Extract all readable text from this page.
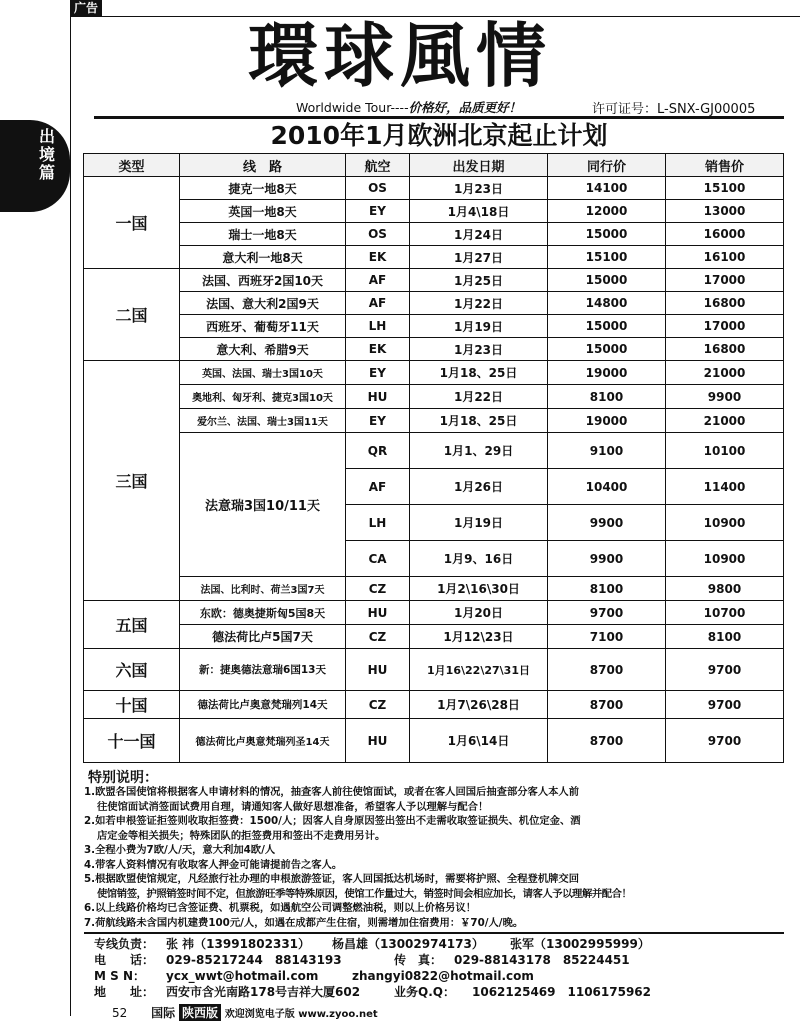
广告
出境篇
環球風情
Worldwide Tour----价格好，品质更好！	许可证号：L-SNX-GJ00005
2010年1月欧洲北京起止计划
类型	线　路	航空	出发日期	同行价	销售价
一国	捷克一地8天	OS	1月23日	14100	15100
	英国一地8天	EY	1月4\18日	12000	13000
	瑞士一地8天	OS	1月24日	15000	16000
	意大利一地8天	EK	1月27日	15100	16100
二国	法国、西班牙2国10天	AF	1月25日	15000	17000
	法国、意大利2国9天	AF	1月22日	14800	16800
	西班牙、葡萄牙11天	LH	1月19日	15000	17000
	意大利、希腊9天	EK	1月23日	15000	16800
三国	英国、法国、瑞士3国10天	EY	1月18、25日	19000	21000
	奥地利、匈牙利、捷克3国10天	HU	1月22日	8100	9900
	爱尔兰、法国、瑞士3国11天	EY	1月18、25日	19000	21000
	法意瑞3国10/11天	QR	1月1、29日	9100	10100
		AF	1月26日	10400	11400
		LH	1月19日	9900	10900
		CA	1月9、16日	9900	10900
	法国、比利时、荷兰3国7天	CZ	1月2\16\30日	8100	9800
五国	东欧：德奥捷斯匈5国8天	HU	1月20日	9700	10700
	德法荷比卢5国7天	CZ	1月12\23日	7100	8100
六国	新：捷奥德法意瑞6国13天	HU	1月16\22\27\31日	8700	9700
十国	德法荷比卢奥意梵瑞列14天	CZ	1月7\26\28日	8700	9700
十一国	德法荷比卢奥意梵瑞列圣14天	HU	1月6\14日	8700	9700
特别说明：
1.欧盟各国使馆将根据客人申请材料的情况，抽查客人前往使馆面试，或者在客人回国后抽查部分客人本人前
往使馆面试消签面试费用自理，请通知客人做好思想准备，希望客人予以理解与配合！
2.如若申根签证拒签则收取拒签费：1500/人；因客人自身原因签出签出不走需收取签证损失、机位定金、酒
店定金等相关损失；特殊团队的拒签费用和签出不走费用另计。
3.全程小费为7欧/人/天，意大利加4欧/人
4.带客人资料情况有收取客人押金可能请提前告之客人。
5.根据欧盟使馆规定，凡经旅行社办理的申根旅游签证，客人回国抵达机场时，需要将护照、全程登机牌交回
使馆销签，护照销签时间不定，但旅游旺季等特殊原因，使馆工作量过大，销签时间会相应加长，请客人予以理解并配合！
6.以上线路价格均已含签证费、机票税，如遇航空公司调整燃油税，则以上价格另议！
7.荷航线路未含国内机建费100元/人，如遇在成都产生住宿，则需增加住宿费用：￥70/人/晚。
专线负责： 张 祎（13991802331） 杨昌雄（13002974173） 张军（13002995999）
电　　话： 029-85217244　88143193	传　真： 029-88143178　85224451
M S N： ycx_wwt@hotmail.com	zhangyi0822@hotmail.com
地　　址： 西安市含光南路178号吉祥大厦602	业务Q.Q： 1062125469　1106175962
52 国际 陕西版 欢迎浏览电子版 www.zyoo.net
